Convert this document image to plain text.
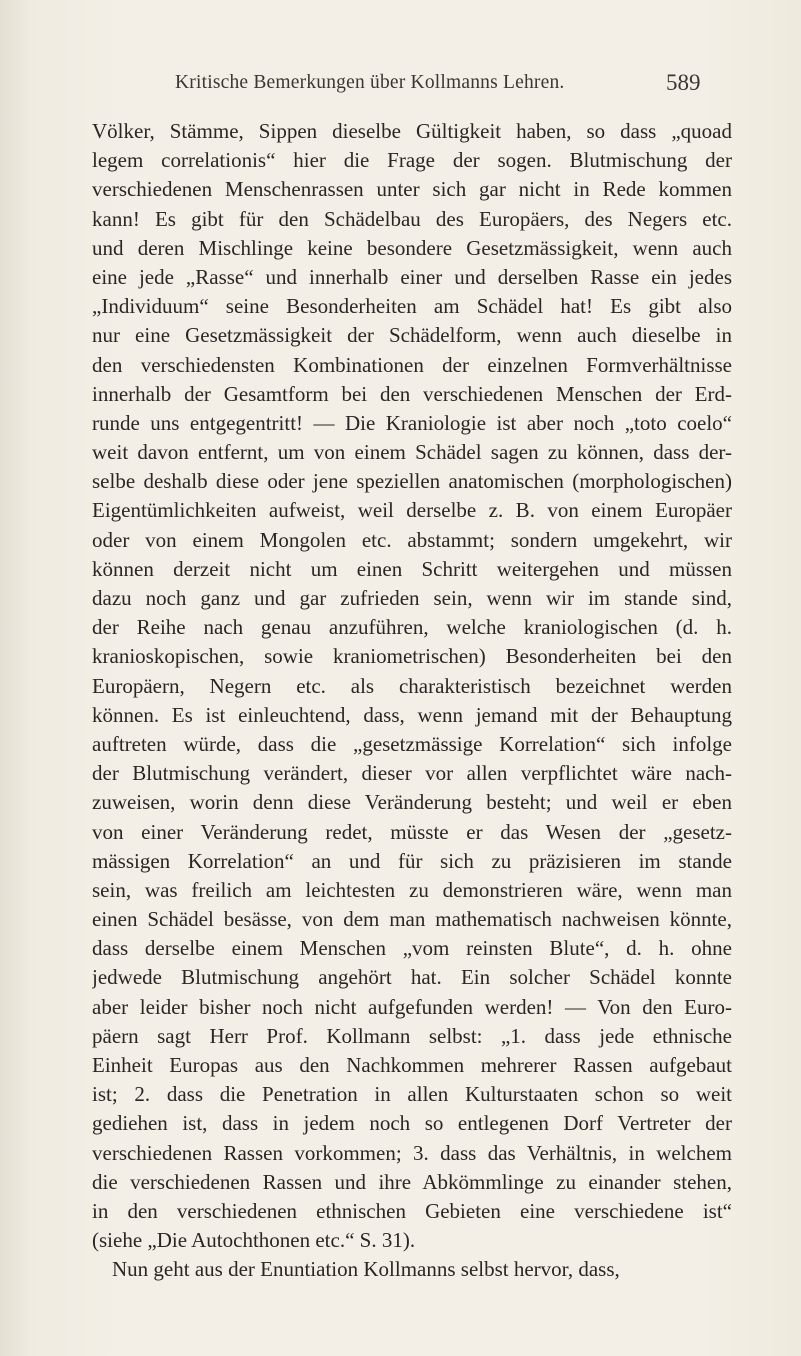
Kritische Bemerkungen über Kollmanns Lehren.	589
Völker, Stämme, Sippen dieselbe Gültigkeit haben, so dass „quoad
legem correlationis“ hier die Frage der sogen. Blutmischung der
verschiedenen Menschenrassen unter sich gar nicht in Rede kommen
kann! Es gibt für den Schädelbau des Europäers, des Negers etc.
und deren Mischlinge keine besondere Gesetzmässigkeit, wenn auch
eine jede „Rasse“ und innerhalb einer und derselben Rasse ein jedes
„Individuum“ seine Besonderheiten am Schädel hat! Es gibt also
nur eine Gesetzmässigkeit der Schädelform, wenn auch dieselbe in
den verschiedensten Kombinationen der einzelnen Formverhältnisse
innerhalb der Gesamtform bei den verschiedenen Menschen der Erd-
runde uns entgegentritt! — Die Kraniologie ist aber noch „toto coelo“
weit davon entfernt, um von einem Schädel sagen zu können, dass der-
selbe deshalb diese oder jene speziellen anatomischen (morphologischen)
Eigentümlichkeiten aufweist, weil derselbe z. B. von einem Europäer
oder von einem Mongolen etc. abstammt; sondern umgekehrt, wir
können derzeit nicht um einen Schritt weitergehen und müssen
dazu noch ganz und gar zufrieden sein, wenn wir im stande sind,
der Reihe nach genau anzuführen, welche kraniologischen (d. h.
kranioskopischen, sowie kraniometrischen) Besonderheiten bei den
Europäern, Negern etc. als charakteristisch bezeichnet werden
können. Es ist einleuchtend, dass, wenn jemand mit der Behauptung
auftreten würde, dass die „gesetzmässige Korrelation“ sich infolge
der Blutmischung verändert, dieser vor allen verpflichtet wäre nach-
zuweisen, worin denn diese Veränderung besteht; und weil er eben
von einer Veränderung redet, müsste er das Wesen der „gesetz-
mässigen Korrelation“ an und für sich zu präzisieren im stande
sein, was freilich am leichtesten zu demonstrieren wäre, wenn man
einen Schädel besässe, von dem man mathematisch nachweisen könnte,
dass derselbe einem Menschen „vom reinsten Blute“, d. h. ohne
jedwede Blutmischung angehört hat. Ein solcher Schädel konnte
aber leider bisher noch nicht aufgefunden werden! — Von den Euro-
päern sagt Herr Prof. Kollmann selbst: „1. dass jede ethnische
Einheit Europas aus den Nachkommen mehrerer Rassen aufgebaut
ist; 2. dass die Penetration in allen Kulturstaaten schon so weit
gediehen ist, dass in jedem noch so entlegenen Dorf Vertreter der
verschiedenen Rassen vorkommen; 3. dass das Verhältnis, in welchem
die verschiedenen Rassen und ihre Abkömmlinge zu einander stehen,
in den verschiedenen ethnischen Gebieten eine verschiedene ist“
(siehe „Die Autochthonen etc.“ S. 31).
Nun geht aus der Enuntiation Kollmanns selbst hervor, dass,
